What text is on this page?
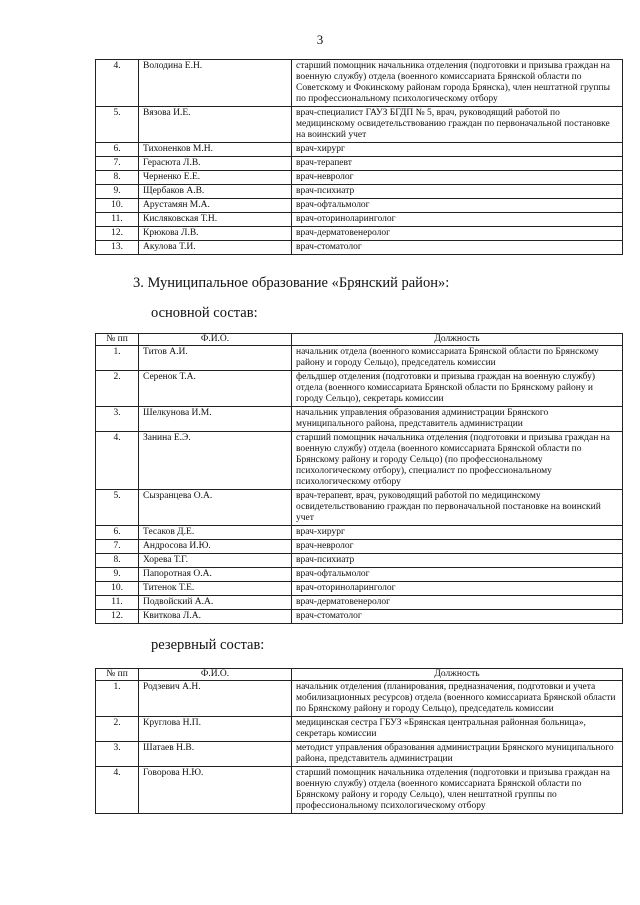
3
4.	Володина Е.Н.	старший помощник начальника отделения (подготовки и призыва граждан на военную службу) отдела (военного комиссариата Брянской области по Советскому и Фокинскому районам города Брянска), член нештатной группы по профессиональному психологическому отбору
5.	Вязова И.Е.	врач-специалист ГАУЗ БГДП № 5, врач, руководящий работой по медицинскому освидетельствованию граждан по первоначальной постановке на воинский учет
6.	Тихоненков М.Н.	врач-хирург
7.	Герасюта Л.В.	врач-терапевт
8.	Черненко Е.Е.	врач-невролог
9.	Щербаков А.В.	врач-психиатр
10.	Арустамян М.А.	врач-офтальмолог
11.	Кисляковская Т.Н.	врач-оториноларинголог
12.	Крюкова Л.В.	врач-дерматовенеролог
13.	Акулова Т.И.	врач-стоматолог
3. Муниципальное образование «Брянский район»:
основной состав:
№ пп	Ф.И.О.	Должность
1.	Титов А.И.	начальник отдела (военного комиссариата Брянской области по Брянскому району и городу Сельцо), председатель комиссии
2.	Серенок Т.А.	фельдшер отделения (подготовки и призыва граждан на военную службу) отдела (военного комиссариата Брянской области по Брянскому району и городу Сельцо), секретарь комиссии
3.	Шелкунова И.М.	начальник управления образования администрации Брянского муниципального района, представитель администрации
4.	Занина Е.Э.	старший помощник начальника отделения (подготовки и призыва граждан на военную службу) отдела (военного комиссариата Брянской области по Брянскому району и городу Сельцо) (по профессиональному психологическому отбору), специалист по профессиональному психологическому отбору
5.	Сызранцева О.А.	врач-терапевт, врач, руководящий работой по медицинскому освидетельствованию граждан по первоначальной постановке на воинский учет
6.	Тесаков Д.Е.	врач-хирург
7.	Андросова И.Ю.	врач-невролог
8.	Хорева Т.Г.	врач-психиатр
9.	Папоротная О.А.	врач-офтальмолог
10.	Титенок Т.Е.	врач-оториноларинголог
11.	Подвойский А.А.	врач-дерматовенеролог
12.	Квиткова Л.А.	врач-стоматолог
резервный состав:
№ пп	Ф.И.О.	Должность
1.	Родзевич А.Н.	начальник отделения (планирования, предназначения, подготовки и учета мобилизационных ресурсов) отдела (военного комиссариата Брянской области по Брянскому району и городу Сельцо), председатель комиссии
2.	Круглова Н.П.	медицинская сестра ГБУЗ «Брянская центральная районная больница», секретарь комиссии
3.	Шатаев Н.В.	методист управления образования администрации Брянского муниципального района, представитель администрации
4.	Говорова Н.Ю.	старший помощник начальника отделения (подготовки и призыва граждан на военную службу) отдела (военного комиссариата Брянской области по Брянскому району и городу Сельцо), член нештатной группы по профессиональному психологическому отбору
